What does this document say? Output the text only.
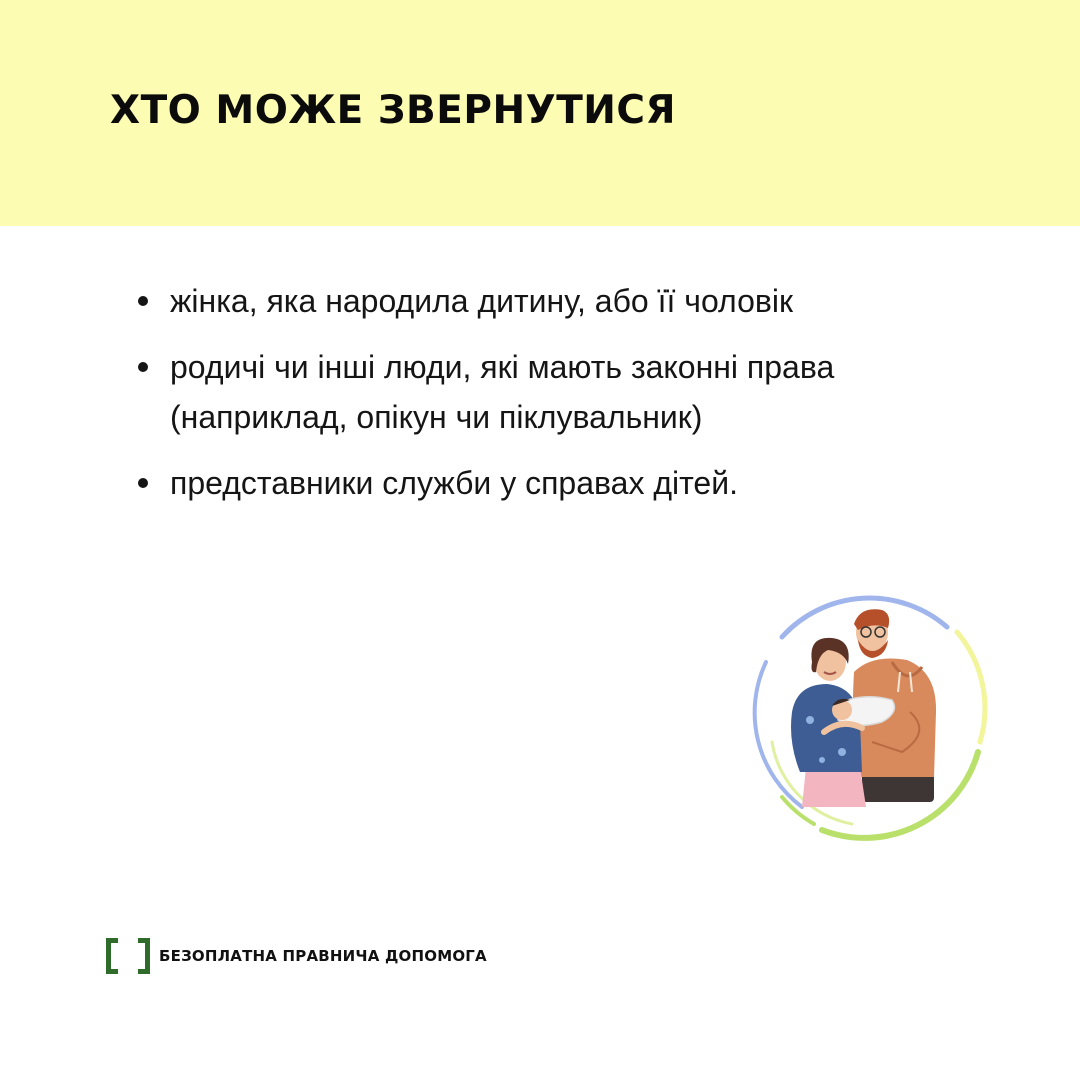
ХТО МОЖЕ ЗВЕРНУТИСЯ
жінка, яка народила дитину, або її чоловік
родичі чи інші люди, які мають законні права (наприклад, опікун чи піклувальник)
представники служби у справах дітей.
БЕЗОПЛАТНА ПРАВНИЧА ДОПОМОГА
